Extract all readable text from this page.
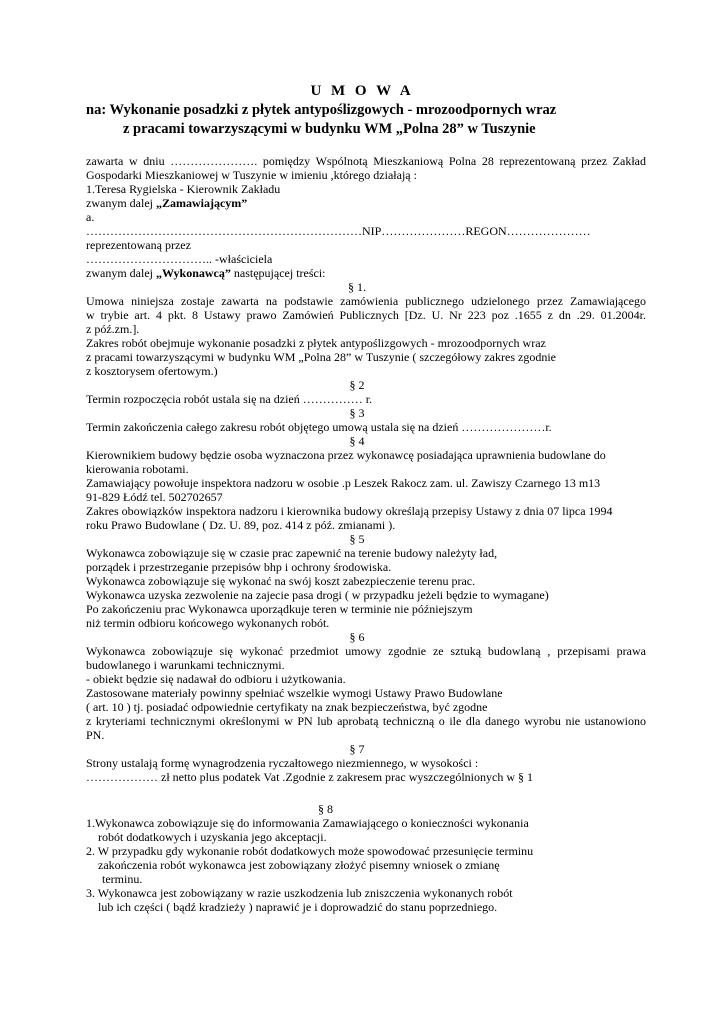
U M O W A
na: Wykonanie posadzki z płytek antypoślizgowych - mrozoodpornych wraz
z pracami towarzyszącymi w budynku WM „Polna 28” w Tuszynie
zawarta w dniu …………………. pomiędzy Wspólnotą Mieszkaniową Polna 28 reprezentowaną przez Zakład
Gospodarki Mieszkaniowej w Tuszynie w imieniu ,którego działają :
1.Teresa Rygielska - Kierownik Zakładu
zwanym dalej „Zamawiającym”
a.
……………………………………………………………NIP…………………REGON…………………
reprezentowaną przez
………………………….. -właściciela
zwanym dalej „Wykonawcą” następującej treści:
§ 1.
Umowa niniejsza zostaje zawarta na podstawie zamówienia publicznego udzielonego przez Zamawiającego
w trybie art. 4 pkt. 8 Ustawy prawo Zamówień Publicznych [Dz. U. Nr 223 poz .1655 z dn .29. 01.2004r.
z póź.zm.].
Zakres robót obejmuje wykonanie posadzki z płytek antypoślizgowych - mrozoodpornych wraz
z pracami towarzyszącymi w budynku WM „Polna 28” w Tuszynie ( szczegółowy zakres zgodnie
z kosztorysem ofertowym.)
§ 2
Termin rozpoczęcia robót ustala się na dzień …………… r.
§ 3
Termin zakończenia całego zakresu robót objętego umową ustala się na dzień …………………r.
§ 4
Kierownikiem budowy będzie osoba wyznaczona przez wykonawcę posiadająca uprawnienia budowlane do
kierowania robotami.
Zamawiający powołuje inspektora nadzoru w osobie .p Leszek Rakocz zam. ul. Zawiszy Czarnego 13 m13
91-829 Łódź tel. 502702657
Zakres obowiązków inspektora nadzoru i kierownika budowy określają przepisy Ustawy z dnia 07 lipca 1994
roku Prawo Budowlane ( Dz. U. 89, poz. 414 z póź. zmianami ).
§ 5
Wykonawca zobowiązuje się w czasie prac zapewnić na terenie budowy należyty ład,
porządek i przestrzeganie przepisów bhp i ochrony środowiska.
Wykonawca zobowiązuje się wykonać na swój koszt zabezpieczenie terenu prac.
Wykonawca uzyska zezwolenie na zajecie pasa drogi ( w przypadku jeżeli będzie to wymagane)
Po zakończeniu prac Wykonawca uporządkuje teren w terminie nie późniejszym
niż termin odbioru końcowego wykonanych robót.
§ 6
Wykonawca zobowiązuje się wykonać przedmiot umowy zgodnie ze sztuką budowlaną , przepisami prawa
budowlanego i warunkami technicznymi.
- obiekt będzie się nadawał do odbioru i użytkowania.
Zastosowane materiały powinny spełniać wszelkie wymogi Ustawy Prawo Budowlane
( art. 10 ) tj. posiadać odpowiednie certyfikaty na znak bezpieczeństwa, być zgodne
z kryteriami technicznymi określonymi w PN lub aprobatą techniczną o ile dla danego wyrobu nie ustanowiono
PN.
§ 7
Strony ustalają formę wynagrodzenia ryczałtowego niezmiennego, w wysokości :
……………… zł netto plus podatek Vat .Zgodnie z zakresem prac wyszczególnionych w § 1
§ 8
1.Wykonawca zobowiązuje się do informowania Zamawiającego o konieczności wykonania
robót dodatkowych i uzyskania jego akceptacji.
2. W przypadku gdy wykonanie robót dodatkowych może spowodować przesunięcie terminu
zakończenia robót wykonawca jest zobowiązany złożyć pisemny wniosek o zmianę
terminu.
3. Wykonawca jest zobowiązany w razie uszkodzenia lub zniszczenia wykonanych robót
lub ich części ( bądź kradzieży ) naprawić je i doprowadzić do stanu poprzedniego.
